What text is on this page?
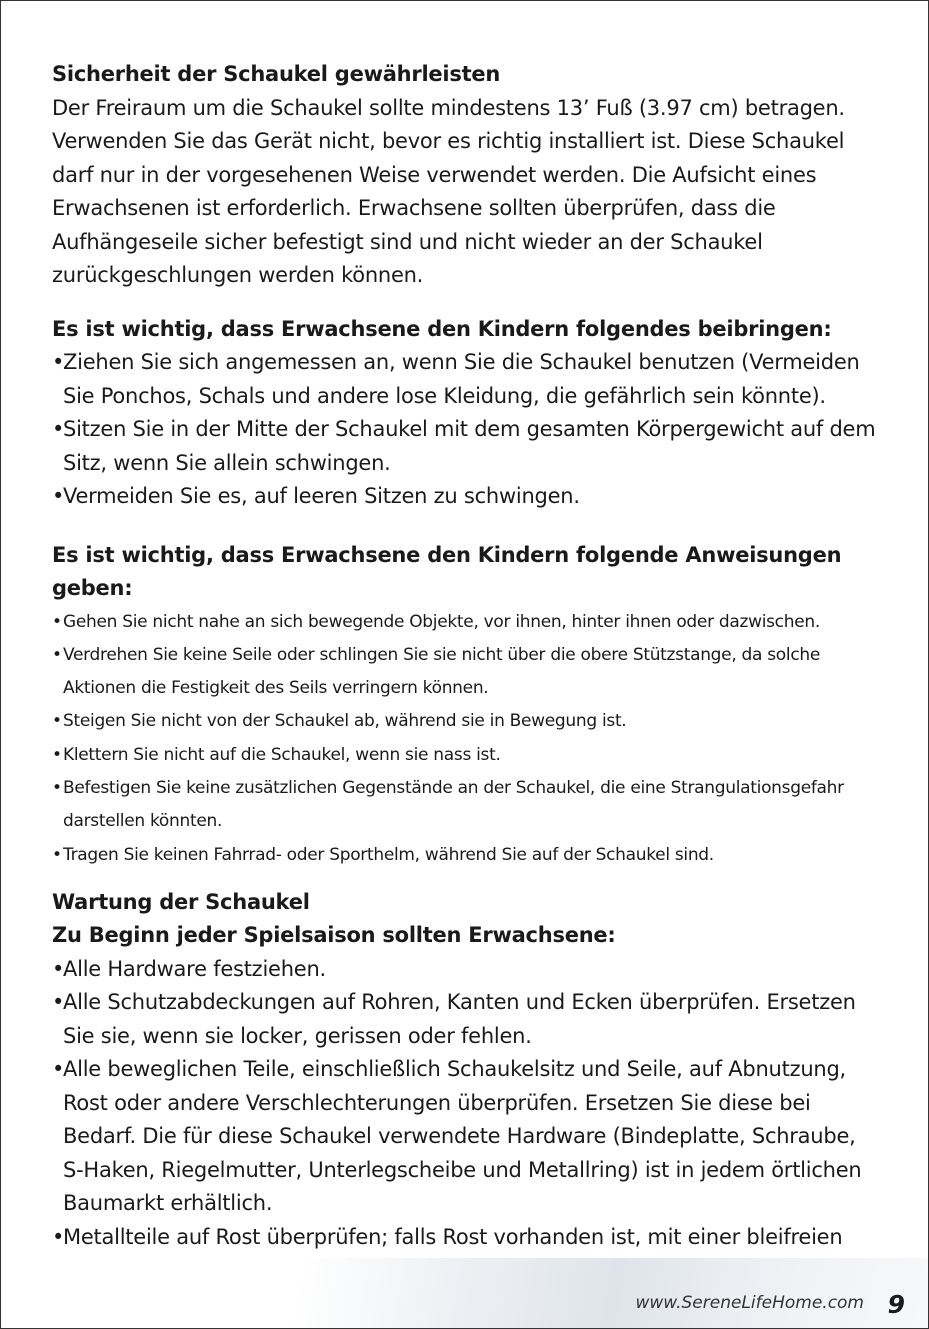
Sicherheit der Schaukel gewährleisten

Der Freiraum um die Schaukel sollte mindestens 13’ Fuß (3.97 cm) betragen. Verwenden Sie das Gerät nicht, bevor es richtig installiert ist. Diese Schaukel darf nur in der vorgesehenen Weise verwendet werden. Die Aufsicht eines Erwachsenen ist erforderlich. Erwachsene sollten überprüfen, dass die Aufhängeseile sicher befestigt sind und nicht wieder an der Schaukel zurückgeschlungen werden können.

Es ist wichtig, dass Erwachsene den Kindern folgendes beibringen:

• Ziehen Sie sich angemessen an, wenn Sie die Schaukel benutzen (Vermeiden Sie Ponchos, Schals und andere lose Kleidung, die gefährlich sein könnte).
• Sitzen Sie in der Mitte der Schaukel mit dem gesamten Körpergewicht auf dem Sitz, wenn Sie allein schwingen.
• Vermeiden Sie es, auf leeren Sitzen zu schwingen.

Es ist wichtig, dass Erwachsene den Kindern folgende Anweisungen geben:

• Gehen Sie nicht nahe an sich bewegende Objekte, vor ihnen, hinter ihnen oder dazwischen.
• Verdrehen Sie keine Seile oder schlingen Sie sie nicht über die obere Stützstange, da solche Aktionen die Festigkeit des Seils verringern können.
• Steigen Sie nicht von der Schaukel ab, während sie in Bewegung ist.
• Klettern Sie nicht auf die Schaukel, wenn sie nass ist.
• Befestigen Sie keine zusätzlichen Gegenstände an der Schaukel, die eine Strangulationsgefahr darstellen könnten.
• Tragen Sie keinen Fahrrad- oder Sporthelm, während Sie auf der Schaukel sind.

Wartung der Schaukel

Zu Beginn jeder Spielsaison sollten Erwachsene:

• Alle Hardware festziehen.
• Alle Schutzabdeckungen auf Rohren, Kanten und Ecken überprüfen. Ersetzen Sie sie, wenn sie locker, gerissen oder fehlen.
• Alle beweglichen Teile, einschließlich Schaukelsitz und Seile, auf Abnutzung, Rost oder andere Verschlechterungen überprüfen. Ersetzen Sie diese bei Bedarf. Die für diese Schaukel verwendete Hardware (Bindeplatte, Schraube, S-Haken, Riegelmutter, Unterlegscheibe und Metallring) ist in jedem örtlichen Baumarkt erhältlich.
• Metallteile auf Rost überprüfen; falls Rost vorhanden ist, mit einer bleifreien
www.SereneLifeHome.com 9
